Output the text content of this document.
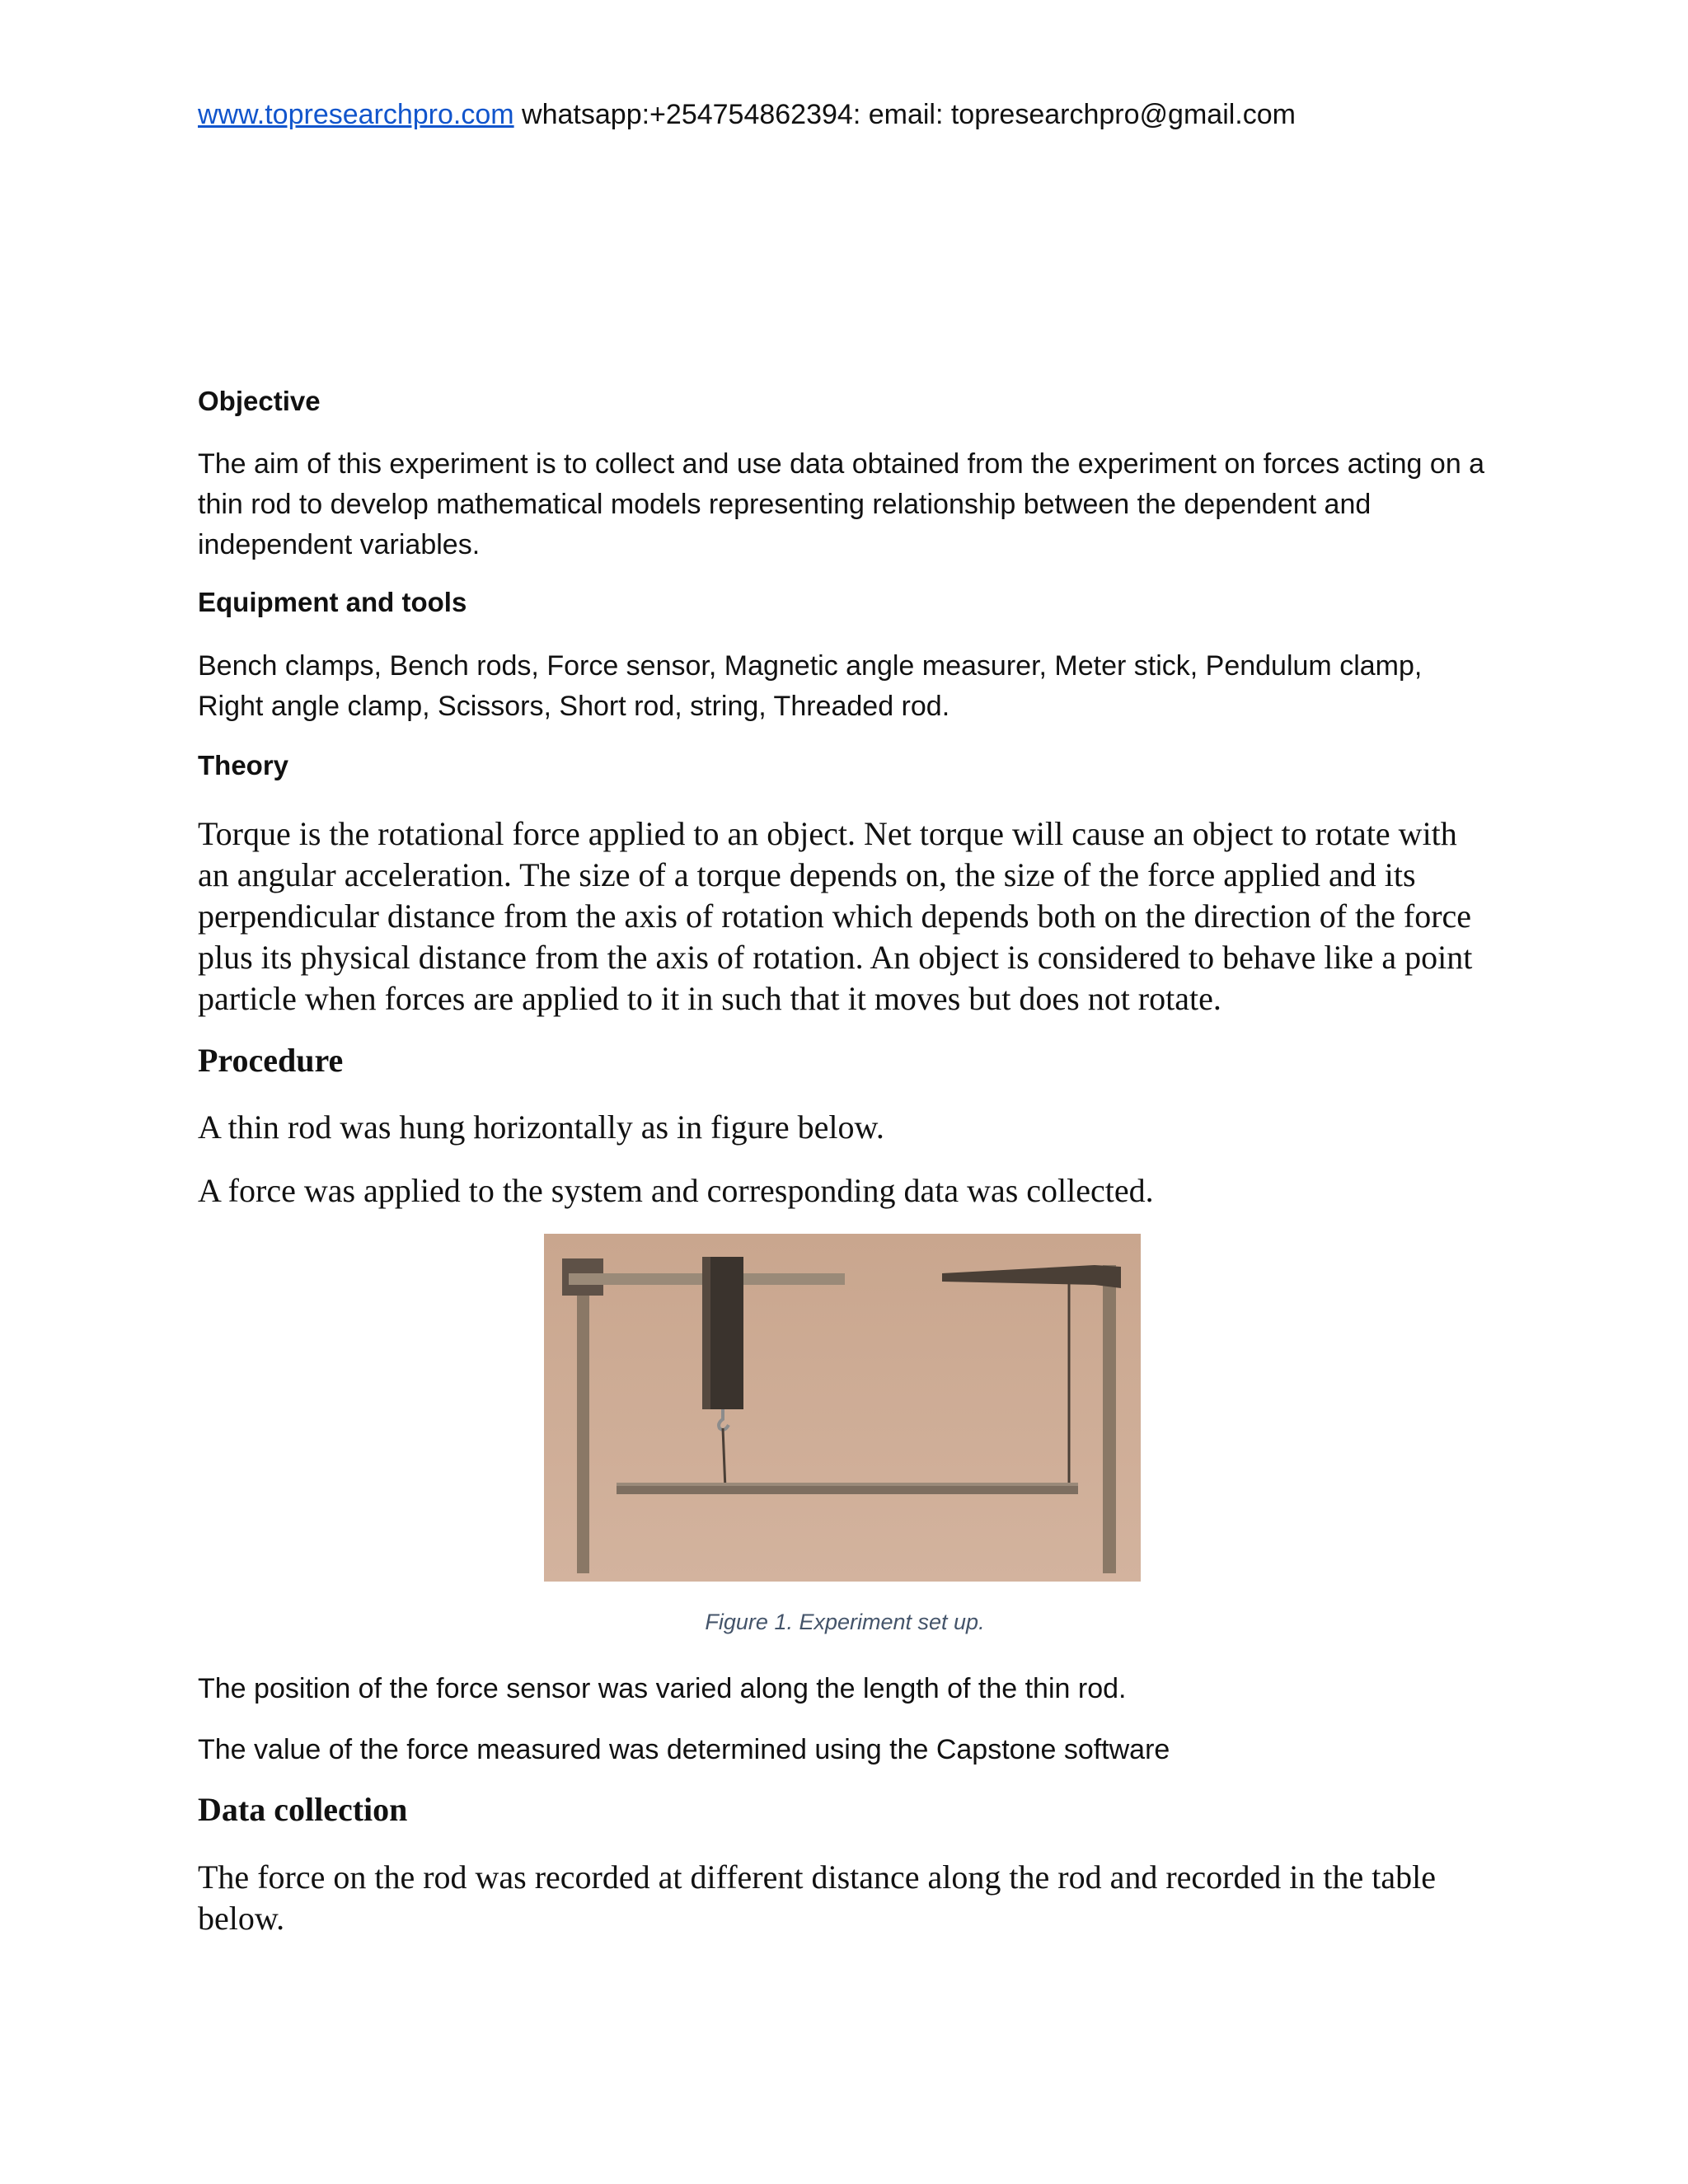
www.topresearchpro.com whatsapp:+254754862394: email: topresearchpro@gmail.com
Objective

The aim of this experiment is to collect and use data obtained from the experiment on forces acting on a thin rod to develop mathematical models representing relationship between the dependent and independent variables.

Equipment and tools

Bench clamps, Bench rods, Force sensor, Magnetic angle measurer, Meter stick, Pendulum clamp, Right angle clamp, Scissors, Short rod, string, Threaded rod.

Theory

Torque is the rotational force applied to an object. Net torque will cause an object to rotate with an angular acceleration. The size of a torque depends on, the size of the force applied and its perpendicular distance from the axis of rotation which depends both on the direction of the force plus its physical distance from the axis of rotation. An object is considered to behave like a point particle when forces are applied to it in such that it moves but does not rotate.

Procedure

A thin rod was hung horizontally as in figure below.

A force was applied to the system and corresponding data was collected.

Figure 1. Experiment set up.

The position of the force sensor was varied along the length of the thin rod.

The value of the force measured was determined using the Capstone software

Data collection

The force on the rod was recorded at different distance along the rod and recorded in the table below.
